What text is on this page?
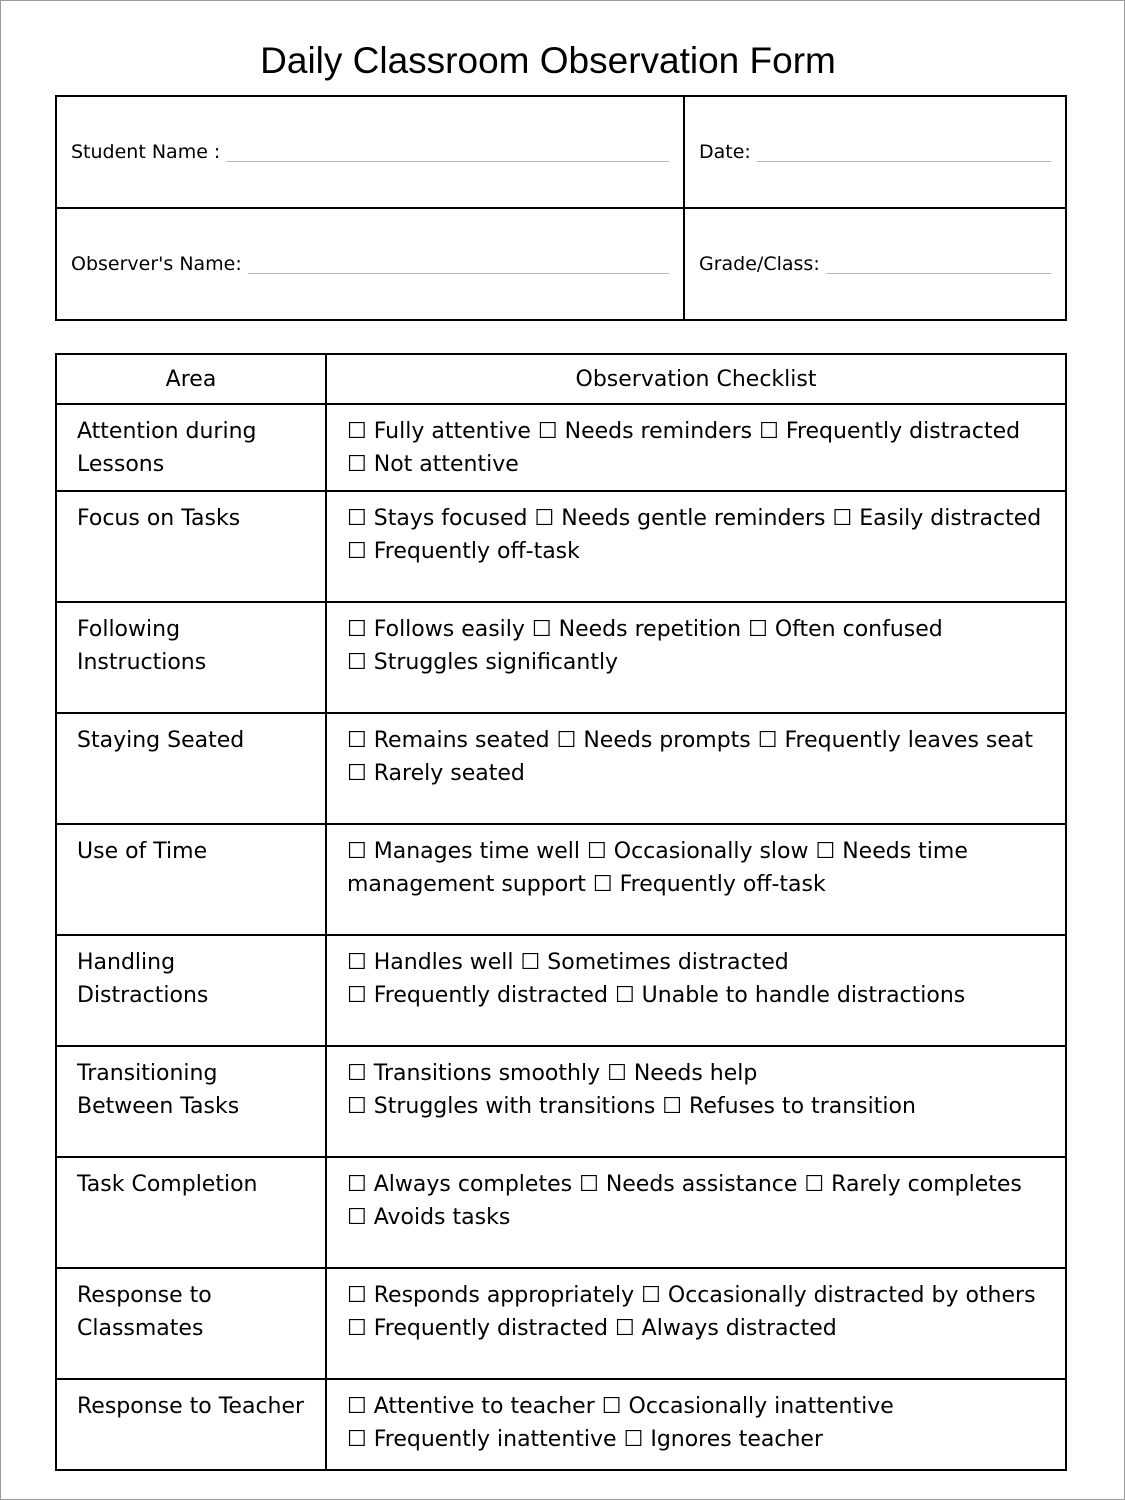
Daily Classroom Observation Form
Student Name :	Date:

Observer's Name:	Grade/Class:
Area	Observation Checklist
Attention during Lessons	☐ Fully attentive ☐ Needs reminders ☐ Frequently distracted ☐ Not attentive
Focus on Tasks	☐ Stays focused ☐ Needs gentle reminders ☐ Easily distracted ☐ Frequently off-task
Following Instructions	☐ Follows easily ☐ Needs repetition ☐ Often confused ☐ Struggles significantly
Staying Seated	☐ Remains seated ☐ Needs prompts ☐ Frequently leaves seat ☐ Rarely seated
Use of Time	☐ Manages time well ☐ Occasionally slow ☐ Needs time management support ☐ Frequently off-task
Handling Distractions	☐ Handles well ☐ Sometimes distracted ☐ Frequently distracted ☐ Unable to handle distractions
Transitioning Between Tasks	☐ Transitions smoothly ☐ Needs help ☐ Struggles with transitions ☐ Refuses to transition
Task Completion	☐ Always completes ☐ Needs assistance ☐ Rarely completes ☐ Avoids tasks
Response to Classmates	☐ Responds appropriately ☐ Occasionally distracted by others ☐ Frequently distracted ☐ Always distracted
Response to Teacher	☐ Attentive to teacher ☐ Occasionally inattentive ☐ Frequently inattentive ☐ Ignores teacher
